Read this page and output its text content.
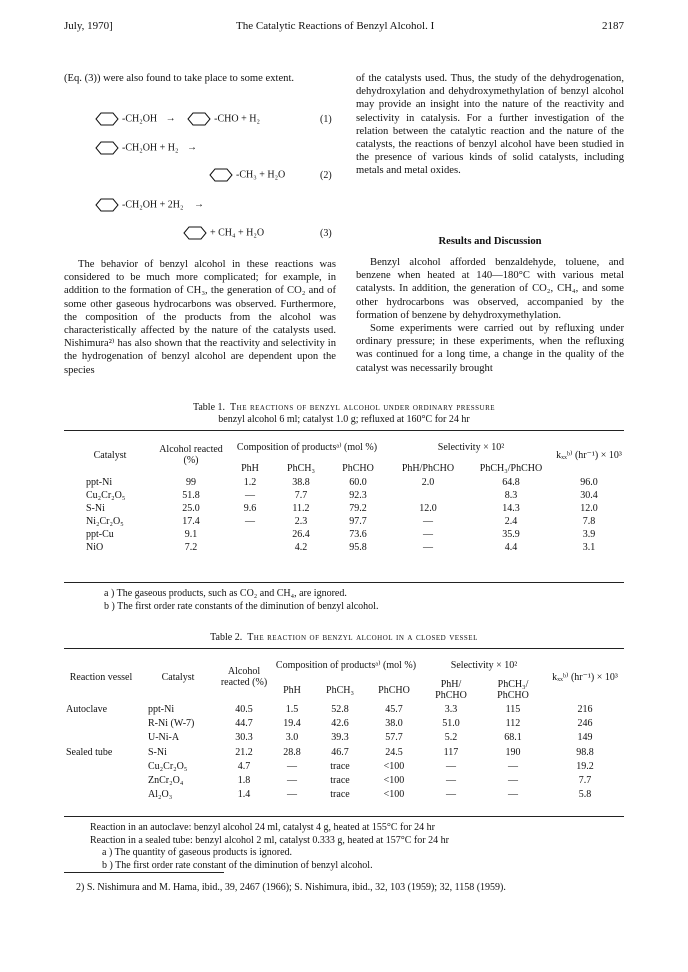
July, 1970]	The Catalytic Reactions of Benzyl Alcohol. I	2187

(Eq. (3)) were also found to take place to some extent.

-CH₂OH →	-CHO + H₂	(1)
-CH₂OH + H₂ →
-CH₃ + H₂O	(2)
-CH₂OH + 2H₂ →
+ CH₄ + H₂O	(3)

The behavior of benzyl alcohol in these reactions was considered to be much more complicated; for example, in addition to the formation of CH₃, the generation of CO₂ and of some other gaseous hydrocarbons was observed. Furthermore, the composition of the products from the alcohol was characteristically affected by the nature of the catalysts used. Nishimura²⁾ has also shown that the reactivity and selectivity in the hydrogenation of benzyl alcohol are dependent upon the species

of the catalysts used. Thus, the study of the dehydrogenation, dehydroxylation and dehydroxymethylation of benzyl alcohol may provide an insight into the nature of the reactivity and selectivity in catalysis. For a further investigation of the relation between the catalytic reaction and the nature of the catalysts, the reactions of benzyl alcohol have been studied in the presence of various kinds of solid catalysts, including metals and metal oxides.

Results and Discussion

Benzyl alcohol afforded benzaldehyde, toluene, and benzene when heated at 140—180°C with various metal catalysts. In addition, the generation of CO₂, CH₄, and some other hydrocarbons was observed, accompanied by the formation of benzene by dehydroxymethylation.

Some experiments were carried out by refluxing under ordinary pressure; in these experiments, when the refluxing was continued for a long time, a change in the quality of the catalyst was necessarily brought

Table 1. The reactions of benzyl alcohol under ordinary pressure
benzyl alcohol 6 ml; catalyst 1.0 g; refluxed at 160°C for 24 hr
Catalyst	Alcohol reacted (%)	Composition of productsᵃ⁾ (mol %)			Selectivity × 10²		kₓₓᵇ⁾ (hr⁻¹) × 10³
		PhH	PhCH₃	PhCHO	PhH/PhCHO	PhCH₃/PhCHO	
ppt-Ni	99	1.2	38.8	60.0	2.0	64.8	96.0
Cu₂Cr₂O₅	51.8	—	7.7	92.3		8.3	30.4
S-Ni	25.0	9.6	11.2	79.2	12.0	14.3	12.0
Ni₂Cr₂O₅	17.4	—	2.3	97.7	—	2.4	7.8
ppt-Cu	9.1		26.4	73.6	—	35.9	3.9
NiO	7.2		4.2	95.8	—	4.4	3.1
a ) The gaseous products, such as CO₂ and CH₄, are ignored.
b ) The first order rate constants of the diminution of benzyl alcohol.
Table 2. The reaction of benzyl alcohol in a closed vessel
Reaction vessel	Catalyst	Alcohol reacted (%)	Composition of productsᵃ⁾ (mol %)			Selectivity × 10²		kₓₓᵇ⁾ (hr⁻¹) × 10³
			PhH	PhCH₃	PhCHO	PhH/ PhCHO	PhCH₃/ PhCHO	
Autoclave	ppt-Ni	40.5	1.5	52.8	45.7	3.3	115	216
	R-Ni (W-7)	44.7	19.4	42.6	38.0	51.0	112	246
	U-Ni-A	30.3	3.0	39.3	57.7	5.2	68.1	149
Sealed tube	S-Ni	21.2	28.8	46.7	24.5	117	190	98.8
	Cu₂Cr₂O₅	4.7	—	trace	<100	—	—	19.2
	ZnCr₂O₄	1.8	—	trace	<100	—	—	7.7
	Al₂O₃	1.4	—	trace	<100	—	—	5.8
Reaction in an autoclave: benzyl alcohol 24 ml, catalyst 4 g, heated at 155°C for 24 hr
Reaction in a sealed tube: benzyl alcohol 2 ml, catalyst 0.333 g, heated at 157°C for 24 hr
a ) The quantity of gaseous products is ignored.
b ) The first order rate constant of the diminution of benzyl alcohol.
2) S. Nishimura and M. Hama, ibid., 39, 2467 (1966); S. Nishimura, ibid., 32, 103 (1959); 32, 1158 (1959).
